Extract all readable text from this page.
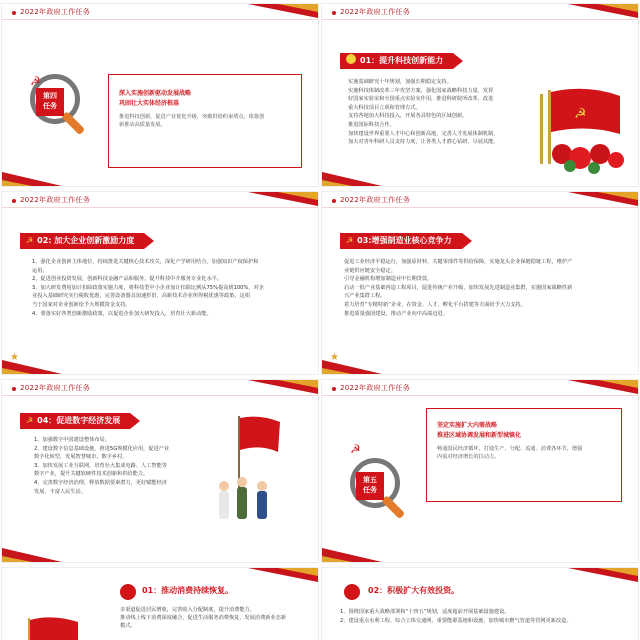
2022年政府工作任务
第四
任务
☭
深入实施创新驱动发展战略
巩固壮大实体经济根基
推进科技创新，促进产业优化升级，突破供给约束堵点，依靠创
新推动高质量发展。
2022年政府工作任务
01：提升科技创新能力
实施基础研究十年规划，加强长期稳定支持。
实施科技体制改革三年攻坚方案，强化国家战略科技力量，发挥
好国家实验室和全国重点实验室作用，推进科研院所改革，改进
重大科技项目立项和管理方式。
支持各地加大科技投入，开展各具特色的区域创新。
推进国际科技合作。
加快建设世界重要人才中心和创新高地，完善人才发展体制机制，
加大对青年科研人员支持力度，让各类人才潜心钻研、尽展其能。
☭
2022年政府工作任务
☭ 02: 加大企业创新激励力度
1、强化企业创新主体地位，持续推进关键核心技术攻关，深化产学研用结合。加强知识产权保护和
运用。
2、促进创业投资发展，创新科技金融产品和服务，提升科技中介服务专业化水平。
3、加大研发费用加计扣除政策实施力度，将科技型中小企业加计扣除比例从75%提高到100%，对企
业投入基础研究实行税收优惠，完善设备器具加速折旧、高新技术企业所得税优惠等政策，这相
当于国家对企业创新给予大规模资金支持。
4、要落实好各类创新激励政策，以促进企业加大研发投入，培育壮大新动能。
★
2022年政府工作任务
☭ 03:增强制造业核心竞争力
促进工业经济平稳运行，加强原材料、关键零部件等供给保障，实施龙头企业保链稳链工程，维护产
业链供应链安全稳定。
引导金融机构增加制造业中长期贷款。
启动一批产业基础再造工程项目，促进传统产业升级，加快发展先进制造业集群，实施国家战略性新
兴产业集群工程。
着力培育“专精特新”企业，在资金、人才、孵化平台搭建等方面给予大力支持。
推进质量强国建设，推动产业向中高端迈进。
★
2022年政府工作任务
☭ 04：促进数字经济发展
1、加强数字中国建设整体布局。
2、建设数字信息基础设施，推进5G规模化应用，促进产业
数字化转型，发展智慧城市、数字乡村。
3、加快发展工业互联网，培育壮大集成电路、人工智能等
数字产业，提升关键软硬件技术创新和供给能力。
4、完善数字经济治理，释放数据要素潜力，更好赋能经济
发展、丰富人民生活。
2022年政府工作任务
第五
任务
☭
坚定实施扩大内需战略
推进区域协调发展和新型城镇化
畅通国民经济循环，打通生产、分配、流通、消费各环节，增强
内需对经济增长的拉动力。
01：推动消费持续恢复。
多渠道促进居民增收，完善收入分配制度，提升消费能力。
推动线上线下消费深度融合，促进生活服务消费恢复，发展消费新业态新
模式。
02：积极扩大有效投资。
1、围绕国家重大战略部署和“十四五”规划，适度超前开展基础设施建设。
2、建设重点水利工程、综合立体交通网、重要能源基地和设施，加快城市燃气管道等管网更新改造。
